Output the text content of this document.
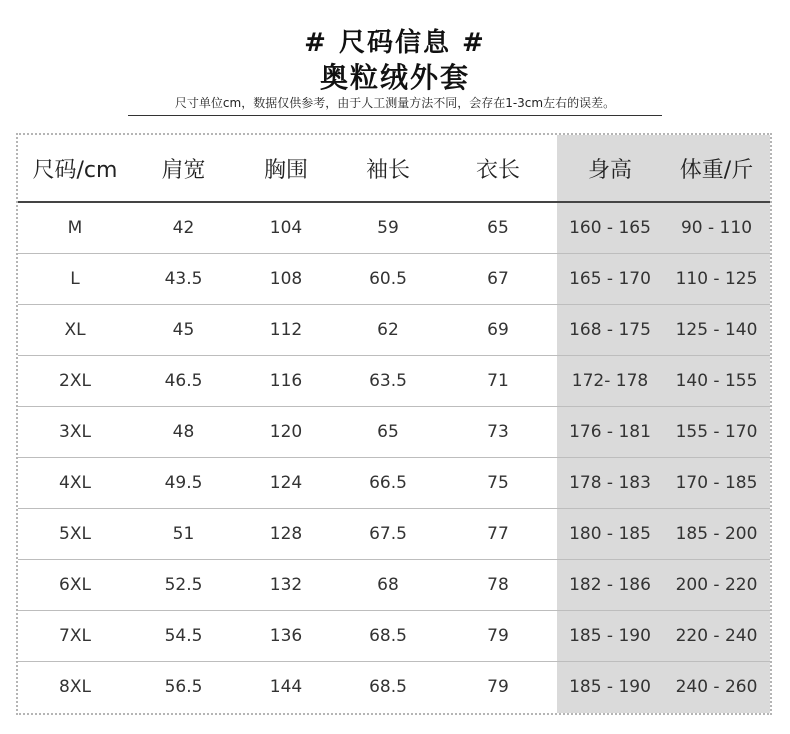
# 尺码信息 #
奥粒绒外套
尺寸单位cm，数据仅供参考，由于人工测量方法不同，会存在1-3cm左右的误差。
尺码/cm	肩宽	胸围	袖长	衣长	身高	体重/斤
M	42	104	59	65	160 - 165	90 - 110
L	43.5	108	60.5	67	165 - 170	110 - 125
XL	45	112	62	69	168 - 175	125 - 140
2XL	46.5	116	63.5	71	172- 178	140 - 155
3XL	48	120	65	73	176 - 181	155 - 170
4XL	49.5	124	66.5	75	178 - 183	170 - 185
5XL	51	128	67.5	77	180 - 185	185 - 200
6XL	52.5	132	68	78	182 - 186	200 - 220
7XL	54.5	136	68.5	79	185 - 190	220 - 240
8XL	56.5	144	68.5	79	185 - 190	240 - 260
